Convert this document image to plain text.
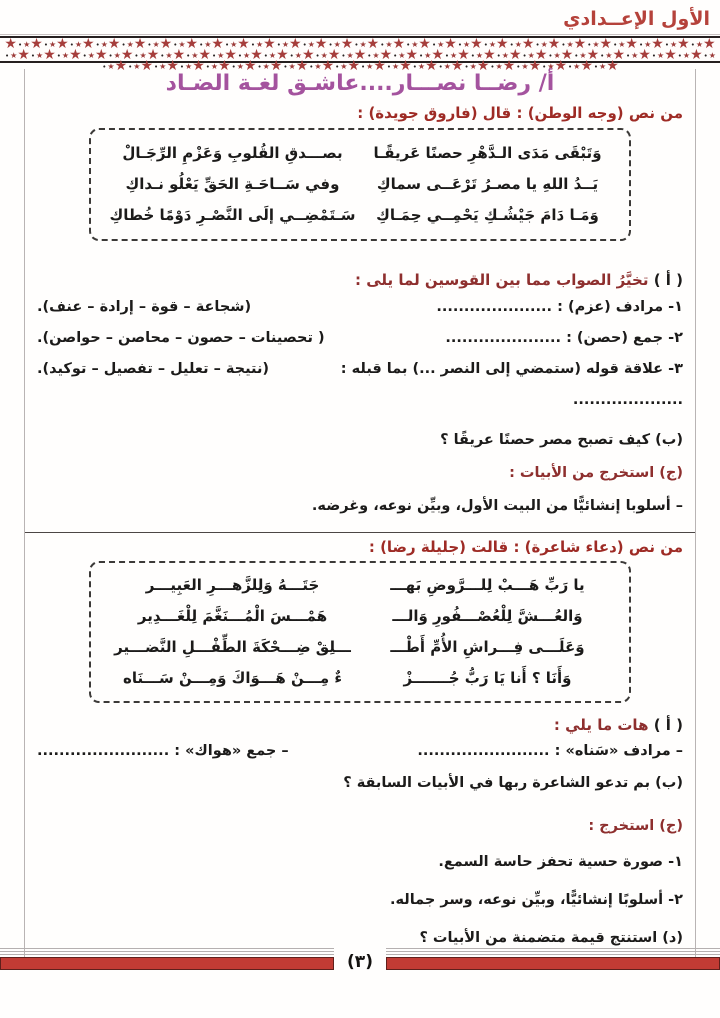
الأول الإعــدادي
★
★
•
★
★
•
★
★
•
★
★
•
★
★
•
★
★
•
★
★
•
★
★
•
★
★
•
★
★
•
★
★
•
★
★
•
★
★
•
★
★
•
★
★
•
★
★
•
★
★
•
★
★
•
★
★
•
★
★
•
★
★
•
★
★
•
★
★
•
★
★
•
★
★
•
★
★
•
★
★
•
★
★
•
★
★
•
★
★
•
★
★
•
★
★
•
★
★
•
★
★
•
★
★
•
★
★
•
★
★
•
★
★
•
★
★
•
★
★
•
★
★
•
★
★
•
★
★
•
★
★
•
★
★
•
★
★
•
★
★
•
★
★
•
★
★
•
★
★
•
★
★
•
★
★
•
★
★
•
★
★
•
★
★
•
★
★
•
★
★
•
★
★
•
★
★
•
★
★
•
★
★
•
★
★
•
★
★
•
★
★
•
★
★
•
★
★
•
★
★
•
★
★
•
★
★
•
★
★
•
★
★
•
★
★
•
★
★
•
★
★
•
★
★
•
أ/ رضــا نصـــار....عاشـق لغـة الضـاد
من نص (وجه الوطن) : قال (فاروق جويدة) :
وَتَبْقَى مَدَى الـدَّهْرِ حصنًا عَريقًـا
بصـــدقِ القُلوبِ وَعَزْمِ الرِّجَـالْ
يَــدُ اللهِ يا مصـرُ تَرْعَــى سماكِ
وفي سَــاحَـةِ الحَقِّ يَعْلُو نـداكِ
وَمَـا دَامَ جَيْشُـكِ يَحْمِــي حِمَـاكِ
سَـتَمْضِــي إلَى النَّصْـرِ دَوْمًا خُطاكِ
( أ ) تخيَّرُ الصواب مما بين القوسين لما يلى :
١- مرادف (عزم) : .....................
(شجاعة – قوة – إرادة – عنف).
٢- جمع (حصن) : .....................
( تحصينات – حصون – محاصن – حواصن).
٣- علاقة قوله (ستمضي إلى النصر ...) بما قبله : ....................
(نتيجة – تعليل – تفصيل – توكيد).
(ب) كيف تصبح مصر حصنًا عريقًا ؟
(ج) استخرج من الأبيات :
– أسلوبا إنشائيًّا من البيت الأول، وبيِّن نوعه، وغرضه.
من نص (دعاء شاعرة) : قالت (جليلة رضا) :
يا رَبِّ هَـــبْ لِلـــرَّوضِ بَهـــ
جَتَـــهُ وَلِلزَّهـــرِ العَبِيـــر
وَالعُـــشَّ لِلْعُصْـــفُورِ وَالـــ
هَمْـــسَ الْمُـــنَغَّمَ لِلْغَـــدِير
وَعَلَـــى فِـــراشِ الأُمِّ أَطْـــ
ـــلِقْ ضِـــحْكَةَ الطِّفْـــلِ النَّضـــير
وَأَنَا ؟ أَنا يَا رَبُّ جُـــــــزْ
ءٌ مِـــنْ هَـــوَاكَ وَمِـــنْ سَـــنَاه
( أ ) هات ما يلي :
– مرادف «سَناه» : ........................
– جمع «هواك» : ........................
(ب) بم تدعو الشاعرة ربها في الأبيات السابقة ؟
(ج) استخرج :
١- صورة حسية تحفز حاسة السمع.
٢- أسلوبًا إنشائيًّا، وبيِّن نوعه، وسر جماله.
(د) استنتج قيمة متضمنة من الأبيات ؟
(٣)
